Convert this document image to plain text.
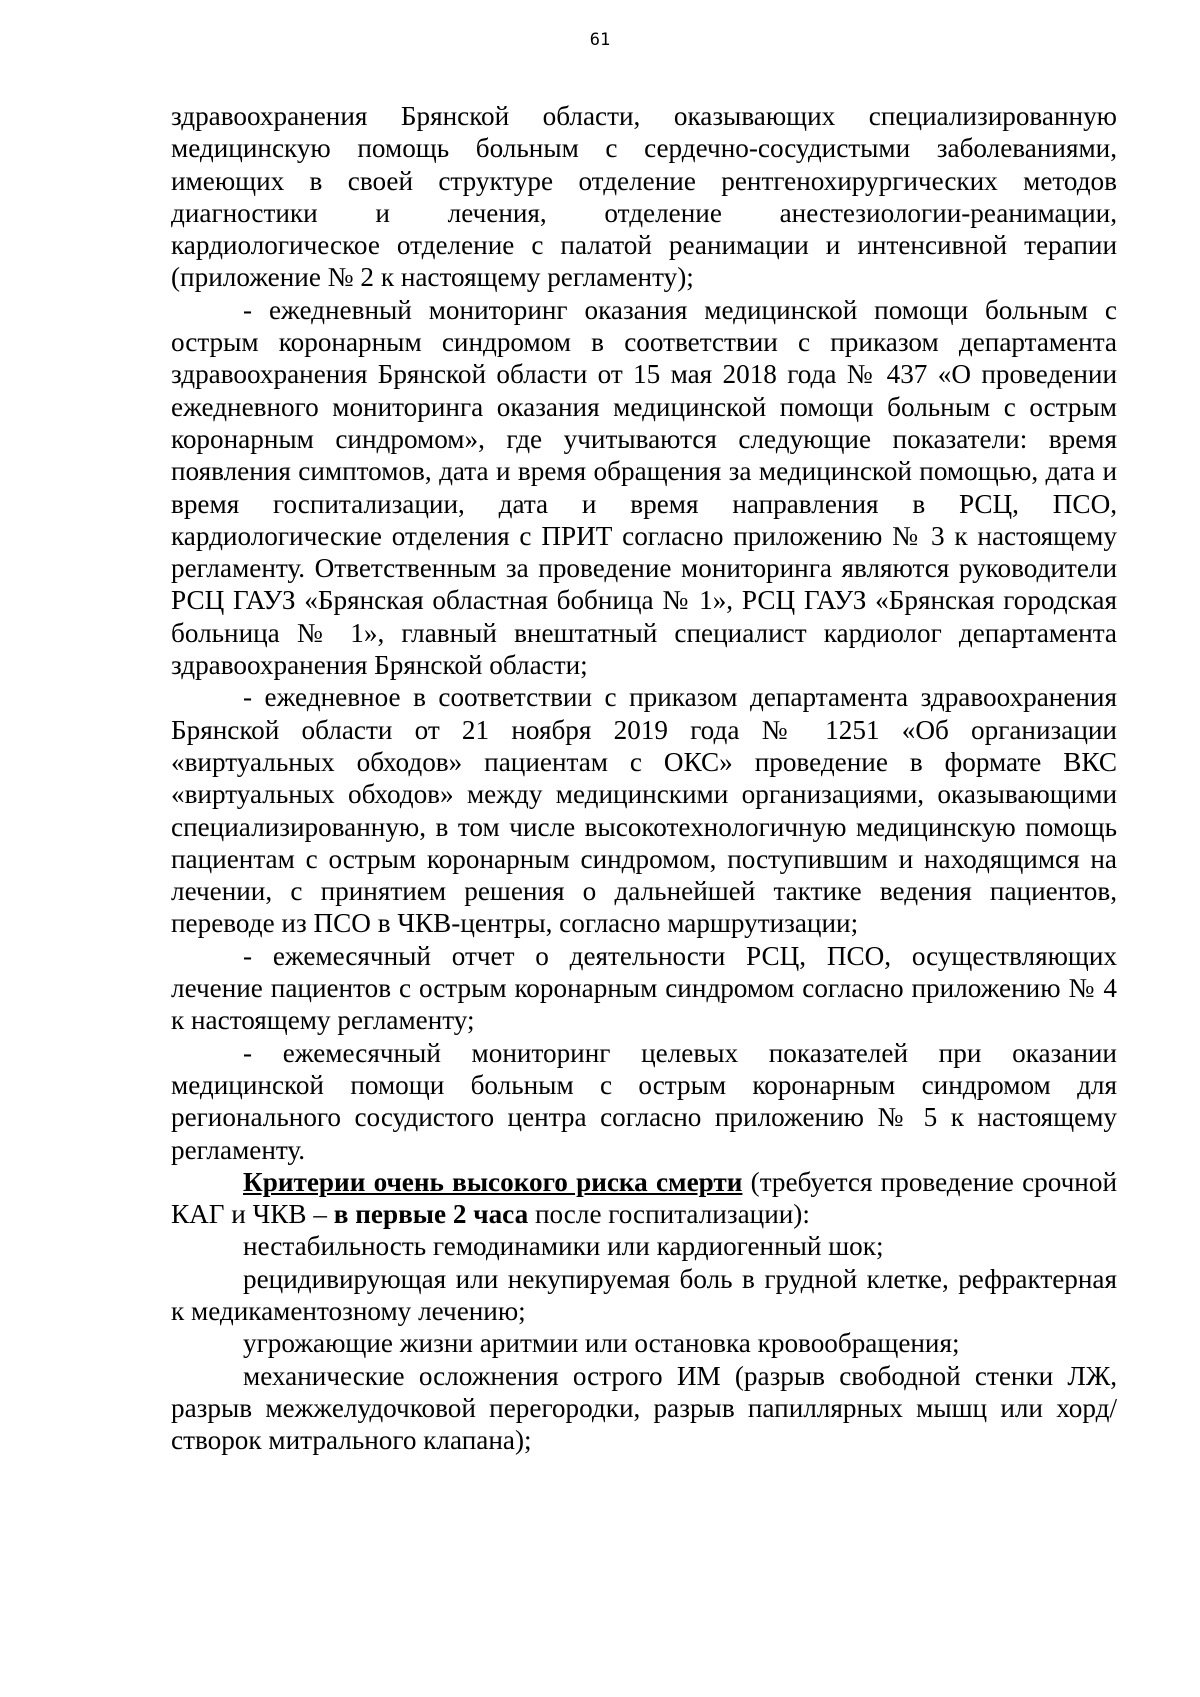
61

здравоохранения Брянской области, оказывающих специализированную медицинскую помощь больным с сердечно-сосудистыми заболеваниями, имеющих в своей структуре отделение рентгенохирургических методов диагностики и лечения, отделение анестезиологии-реанимации, кардиологическое отделение с палатой реанимации и интенсивной терапии (приложение № 2 к настоящему регламенту);

- ежедневный мониторинг оказания медицинской помощи больным с острым коронарным синдромом в соответствии с приказом департамента здравоохранения Брянской области от 15 мая 2018 года № 437 «О проведении ежедневного мониторинга оказания медицинской помощи больным с острым коронарным синдромом», где учитываются следующие показатели: время появления симптомов, дата и время обращения за медицинской помощью, дата и время госпитализации, дата и время направления в РСЦ, ПСО, кардиологические отделения с ПРИТ согласно приложению № 3 к настоящему регламенту. Ответственным за проведение мониторинга являются руководители РСЦ ГАУЗ «Брянская областная бобница № 1», РСЦ ГАУЗ «Брянская городская больница № 1», главный внештатный специалист кардиолог департамента здравоохранения Брянской области;

- ежедневное в соответствии с приказом департамента здравоохранения Брянской области от 21 ноября 2019 года № 1251 «Об организации «виртуальных обходов» пациентам с ОКС» проведение в формате ВКС «виртуальных обходов» между медицинскими организациями, оказывающими специализированную, в том числе высокотехнологичную медицинскую помощь пациентам с острым коронарным синдромом, поступившим и находящимся на лечении, с принятием решения о дальнейшей тактике ведения пациентов, переводе из ПСО в ЧКВ-центры, согласно маршрутизации;

- ежемесячный отчет о деятельности РСЦ, ПСО, осуществляющих лечение пациентов с острым коронарным синдромом согласно приложению № 4 к настоящему регламенту;

- ежемесячный мониторинг целевых показателей при оказании медицинской помощи больным с острым коронарным синдромом для регионального сосудистого центра согласно приложению № 5 к настоящему регламенту.

Критерии очень высокого риска смерти (требуется проведение срочной КАГ и ЧКВ – в первые 2 часа после госпитализации):

нестабильность гемодинамики или кардиогенный шок;

рецидивирующая или некупируемая боль в грудной клетке, рефрактерная к медикаментозному лечению;

угрожающие жизни аритмии или остановка кровообращения;

механические осложнения острого ИМ (разрыв свободной стенки ЛЖ, разрыв межжелудочковой перегородки, разрыв папиллярных мышц или хорд/створок митрального клапана);
